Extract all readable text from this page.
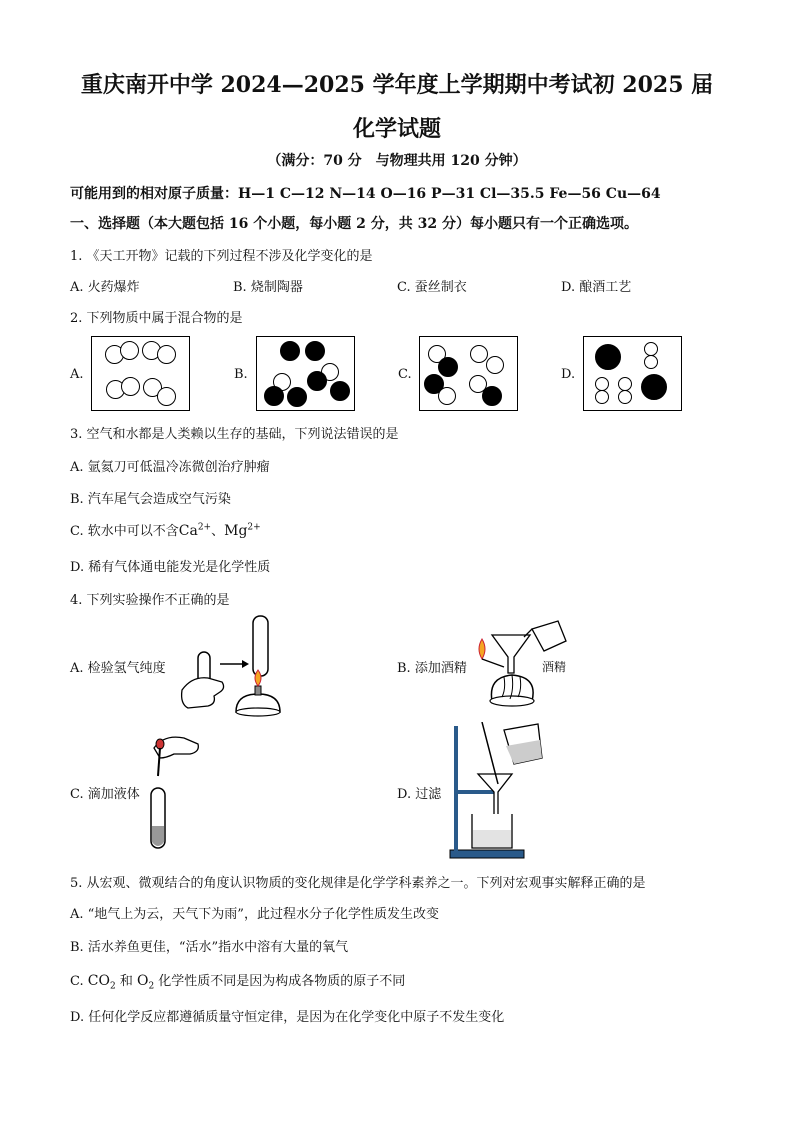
重庆南开中学 2024—2025 学年度上学期期中考试初 2025 届
化学试题
（满分：70 分　与物理共用 120 分钟）
可能用到的相对原子质量：H—1 C—12 N—14 O—16 P—31 Cl—35.5 Fe—56 Cu—64
一、选择题（本大题包括 16 个小题，每小题 2 分，共 32 分）每小题只有一个正确选项。
1. 《天工开物》记载的下列过程不涉及化学变化的是
A. 火药爆炸	B. 烧制陶器	C. 蚕丝制衣	D. 酿酒工艺
2. 下列物质中属于混合物的是
A.	B.	C.	D.
3. 空气和水都是人类赖以生存的基础，下列说法错误的是
A. 氩氦刀可低温冷冻微创治疗肿瘤
B. 汽车尾气会造成空气污染
C. 软水中可以不含$Ca^{2+}$、$Mg^{2+}$
D. 稀有气体通电能发光是化学性质
4. 下列实验操作不正确的是
A. 检验氢气纯度	B. 添加酒精	酒精
C. 滴加液体	D. 过滤
5. 从宏观、微观结合的角度认识物质的变化规律是化学学科素养之一。下列对宏观事实解释正确的是
A. “地气上为云，天气下为雨”，此过程水分子化学性质发生改变
B. 活水养鱼更佳，“活水”指水中溶有大量的氧气
C. $CO_2$ 和 $O_2$ 化学性质不同是因为构成各物质的原子不同
D. 任何化学反应都遵循质量守恒定律，是因为在化学变化中原子不发生变化
